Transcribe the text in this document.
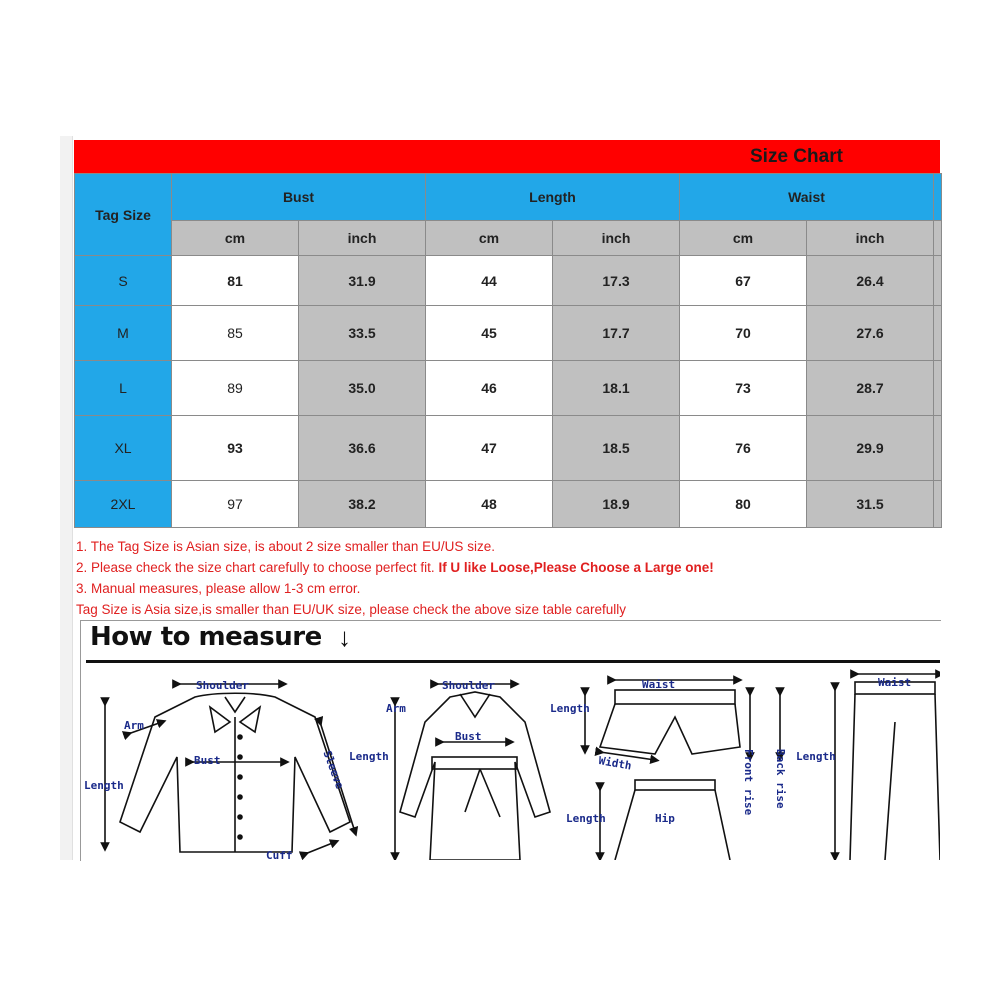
Size Chart
Tag Size	Bust		Length		Waist		
	cm	inch	cm	inch	cm	inch	
S	81	31.9	44	17.3	67	26.4	
M	85	33.5	45	17.7	70	27.6	
L	89	35.0	46	18.1	73	28.7	
XL	93	36.6	47	18.5	76	29.9	
2XL	97	38.2	48	18.9	80	31.5	
1. The Tag Size is Asian size, is about 2 size smaller than EU/US size.
2. Please check the size chart carefully to choose perfect fit. If U like Loose,Please Choose a Large one!
3. Manual measures, please allow 1-3 cm error.
Tag Size is Asia size,is smaller than EU/UK size, please check the above size table carefully
How to measure ↓
Shoulder
Arm
Length
Bust	Sleeve
Cuff
Shoulder
Arm
Length
Bust
Waist
Length
Width	Front rise Back rise
Length	Hip
Waist
Length
